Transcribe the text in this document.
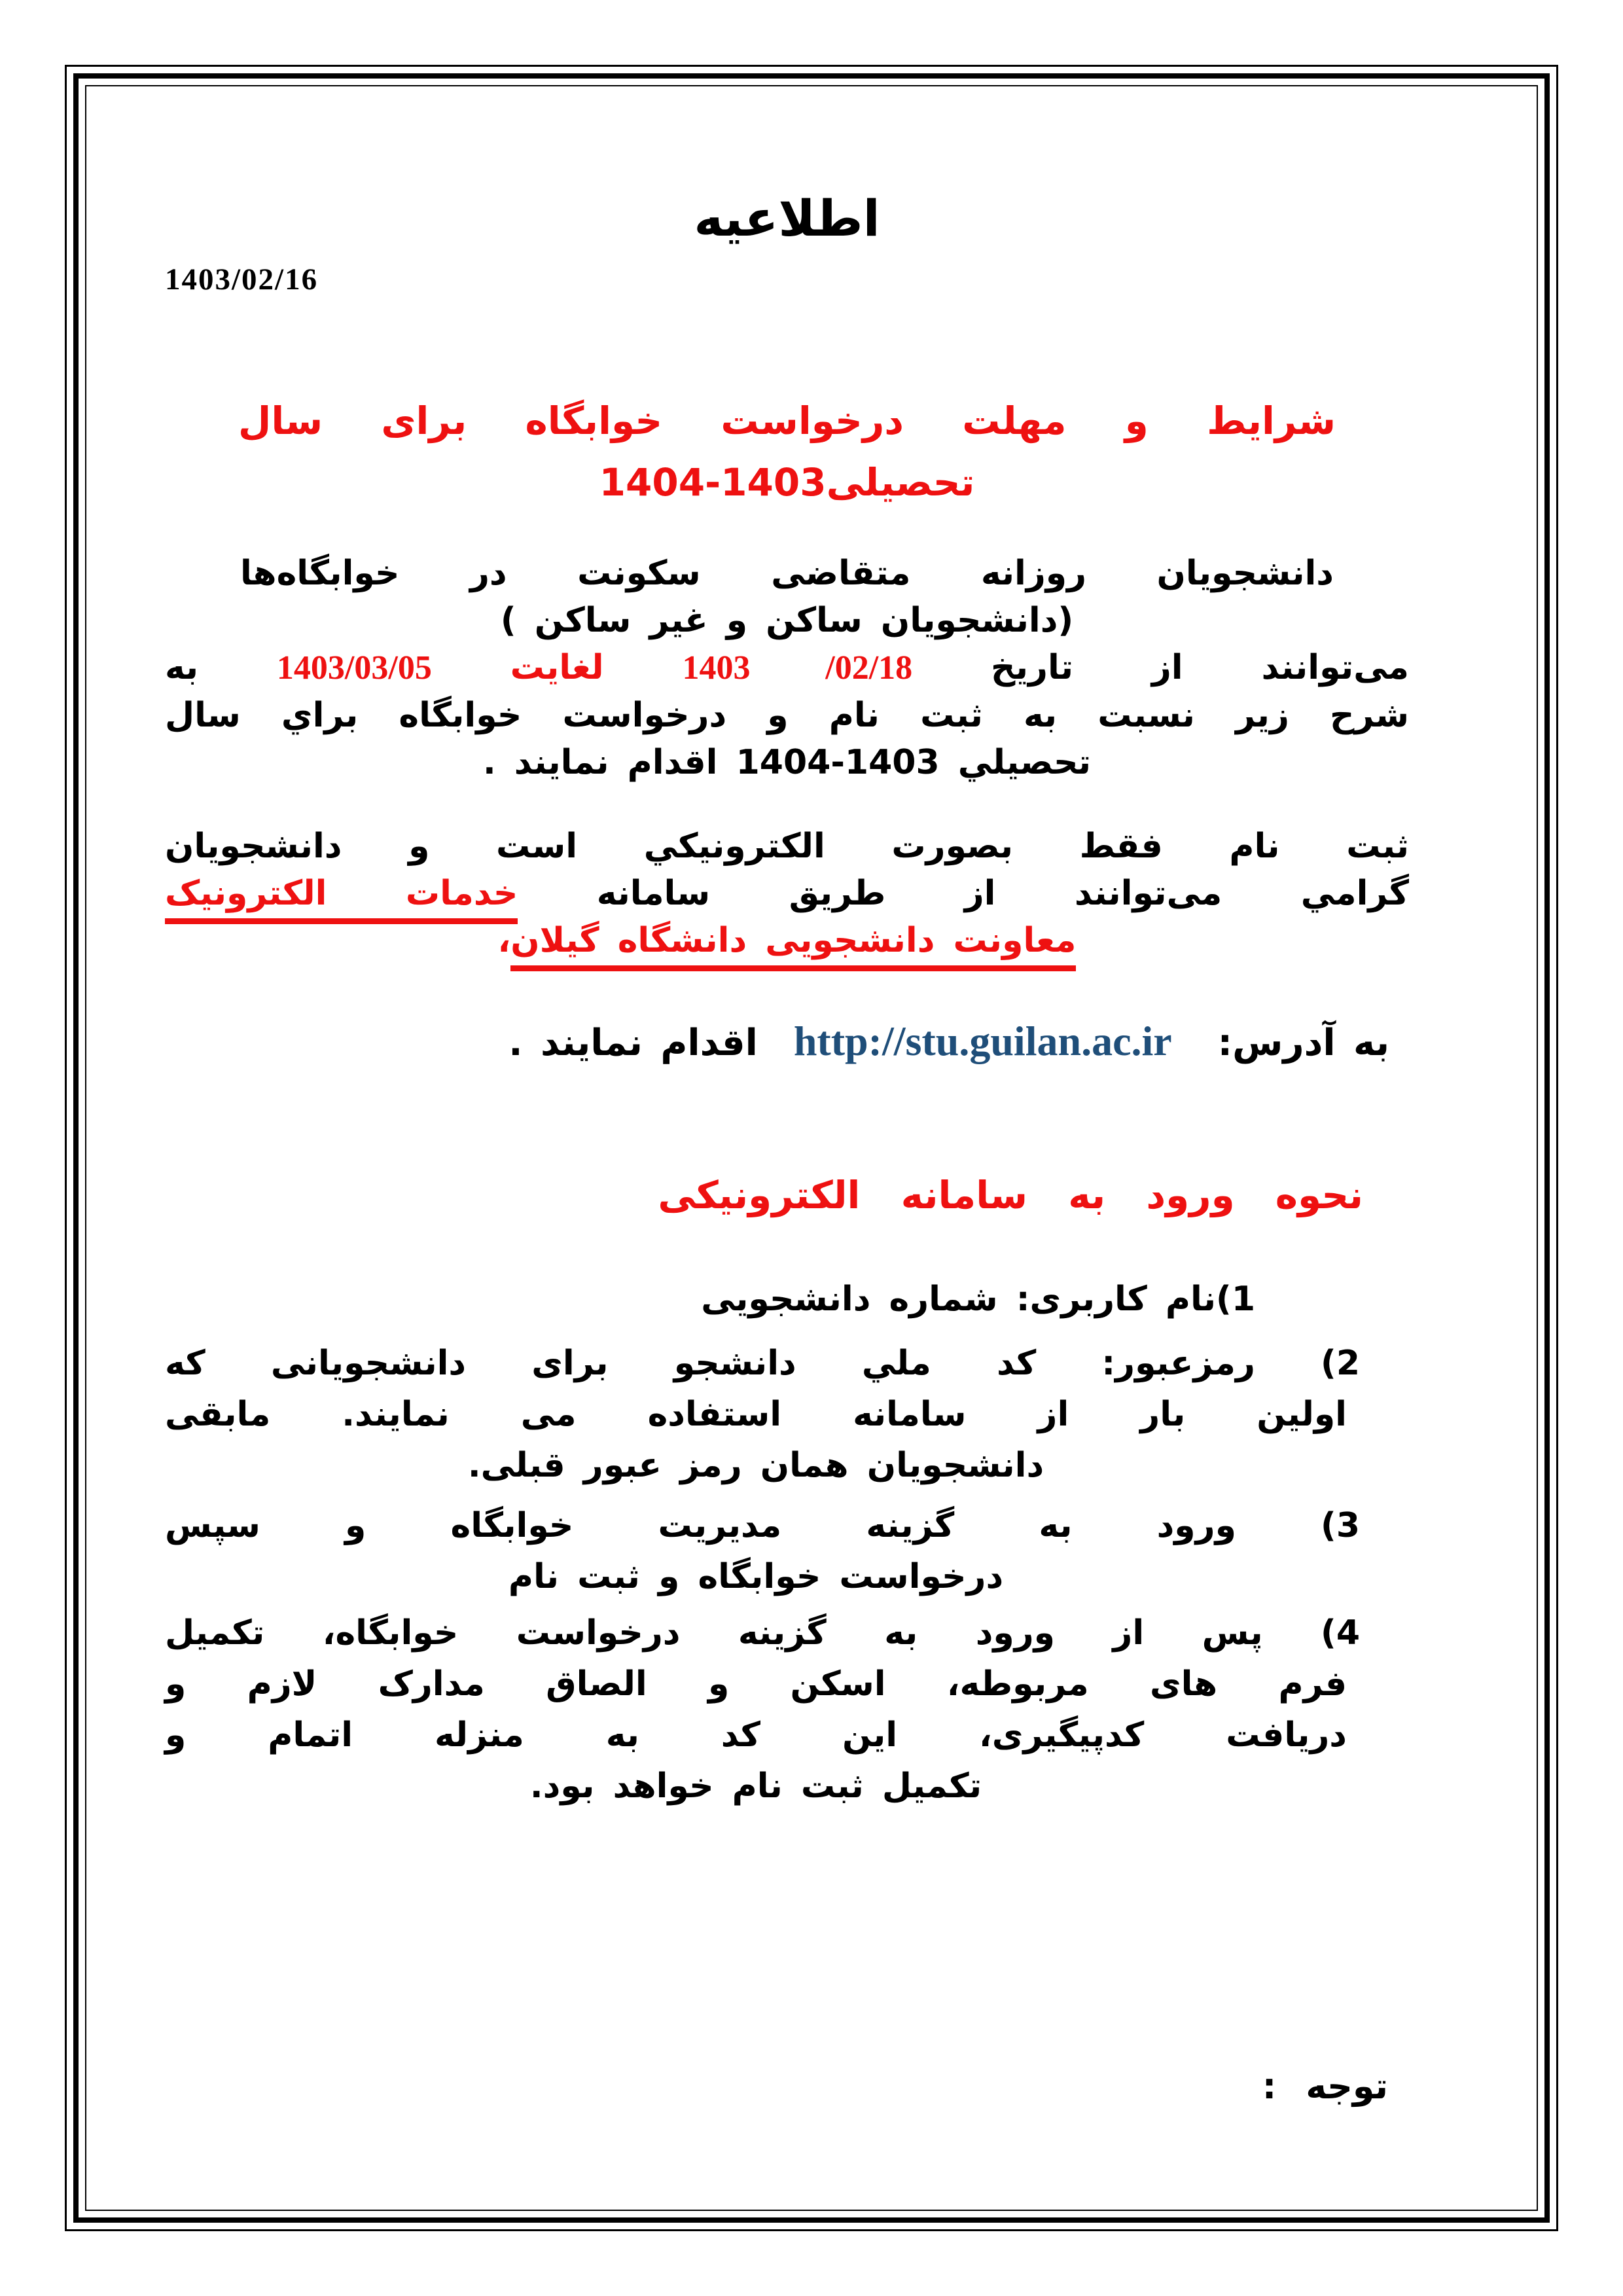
اطلاعیه
1403/02/16
شرایط و مهلت درخواست خوابگاه برای سال
تحصیلی1403-1404
دانشجویان روزانه متقاضی سکونت در خوابگاه‌ها
(دانشجویان ساکن و غیر ساکن )
می‌توانند از تاریخ 1403 /02/18 لغایت 1403/03/05 به
شرح زیر نسبت به ثبت نام و درخواست خوابگاه براي سال
تحصيلي 1403-1404 اقدام نمايند .
ثبت نام فقط بصورت الکترونيکي است و دانشجويان
گرامي می‌توانند از طريق سامانه خدمات الکترونيک
معاونت دانشجويی دانشگاه گيلان،
به آدرس:http://stu.guilan.ac.irاقدام نمايند .
نحوه ورود به سامانه الکترونيکی
1)نام کاربری: شماره دانشجويی
2) رمزعبور: کد ملي دانشجو برای دانشجويانی که
اولين بار از سامانه استفاده می نمايند. مابقی
دانشجويان همان رمز عبور قبلی.
3) ورود به گزينه مديريت خوابگاه و سپس
درخواست خوابگاه و ثبت نام
4) پس از ورود به گزينه درخواست خوابگاه، تکميل
فرم های مربوطه، اسکن و الصاق مدارک لازم و
دريافت کدپيگيری، اين کد به منزله اتمام و
تکميل ثبت نام خواهد بود.
توجه :
